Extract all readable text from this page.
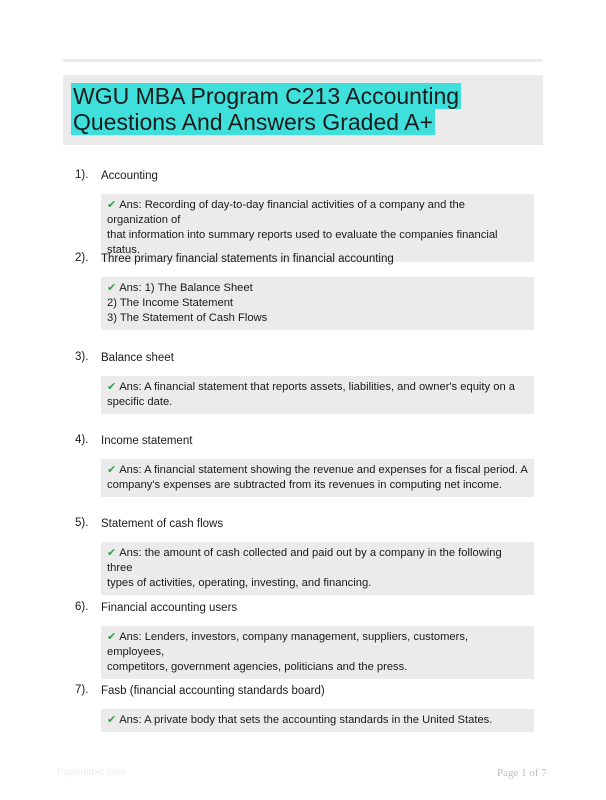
WGU MBA Program C213 Accounting Questions And Answers Graded A+
1). Accounting
✔ Ans: Recording of day-to-day financial activities of a company and the organization of
that information into summary reports used to evaluate the companies financial status.
2). Three primary financial statements in financial accounting
✔ Ans: 1) The Balance Sheet
2) The Income Statement
3) The Statement of Cash Flows
3). Balance sheet
✔ Ans: A financial statement that reports assets, liabilities, and owner's equity on a
specific date.
4). Income statement
✔ Ans: A financial statement showing the revenue and expenses for a fiscal period. A
company's expenses are subtracted from its revenues in computing net income.
5). Statement of cash flows
✔ Ans: the amount of cash collected and paid out by a company in the following three
types of activities, operating, investing, and financing.
6). Financial accounting users
✔ Ans: Lenders, investors, company management, suppliers, customers, employees,
competitors, government agencies, politicians and the press.
7). Fasb (financial accounting standards board)
✔ Ans: A private body that sets the accounting standards in the United States.
Papertitbic.com	Page 1 of 7
